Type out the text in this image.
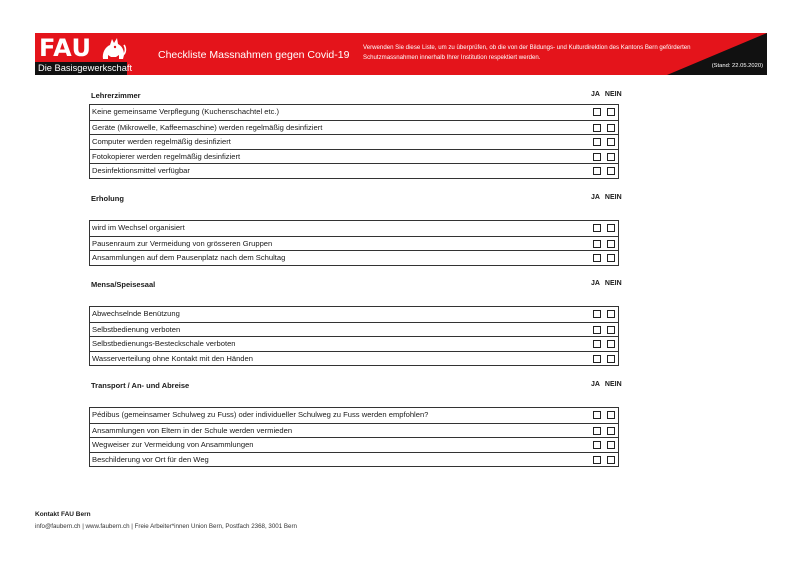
FAU
Die Basisgewerkschaft
Checkliste Massnahmen gegen Covid-19
Verwenden Sie diese Liste, um zu überprüfen, ob die von der Bildungs- und Kulturdirektion des Kantons Bern geförderten Schutzmassnahmen innerhalb Ihrer Institution respektiert werden.
(Stand: 22.05.2020)
Lehrerzimmer	JA NEIN
Keine gemeinsame Verpflegung (Kuchenschachtel etc.)
Geräte (Mikrowelle, Kaffeemaschine) werden regelmäßig desinfiziert
Computer werden regelmäßig desinfiziert
Fotokopierer werden regelmäßig desinfiziert
Desinfektionsmittel verfügbar
Erholung	JA NEIN
wird im Wechsel organisiert
Pausenraum zur Vermeidung von grösseren Gruppen
Ansammlungen auf dem Pausenplatz nach dem Schultag
Mensa/Speisesaal	JA NEIN
Abwechselnde Benützung
Selbstbedienung verboten
Selbstbedienungs-Besteckschale verboten
Wasserverteilung ohne Kontakt mit den Händen
Transport / An- und Abreise	JA NEIN
Pédibus (gemeinsamer Schulweg zu Fuss) oder individueller Schulweg zu Fuss werden empfohlen?
Ansammlungen von Eltern in der Schule werden vermieden
Wegweiser zur Vermeidung von Ansammlungen
Beschilderung vor Ort für den Weg
Kontakt FAU Bern
info@faubern.ch | www.faubern.ch | Freie Arbeiter*innen Union Bern, Postfach 2368, 3001 Bern
